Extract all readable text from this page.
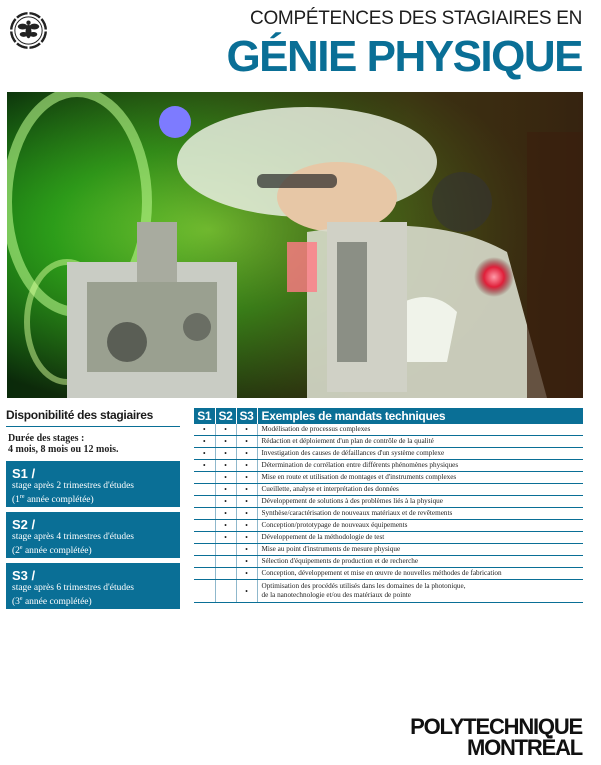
COMPÉTENCES DES STAGIAIRES EN
GÉNIE PHYSIQUE
Disponibilité des stagiaires
Durée des stages :
4 mois, 8 mois ou 12 mois.
S1 /
stage après 2 trimestres d'études
(1re année complétée)
S2 /
stage après 4 trimestres d'études
(2e année complétée)
S3 /
stage après 6 trimestres d'études
(3e année complétée)
S1	S2	S3	Exemples de mandats techniques
•	•	•	Modélisation de processus complexes

•	•	•	Rédaction et déploiement d'un plan de contrôle de la qualité

•	•	•	Investigation des causes de défaillances d'un système complexe

•	•	•	Détermination de corrélation entre différents phénomènes physiques

	•	•	Mise en route et utilisation de montages et d'instruments complexes

	•	•	Cueillette, analyse et interprétation des données

	•	•	Développement de solutions à des problèmes liés à la physique

	•	•	Synthèse/caractérisation de nouveaux matériaux et de revêtements

	•	•	Conception/prototypage de nouveaux équipements

	•	•	Développement de la méthodologie de test

		•	Mise au point d'instruments de mesure physique

		•	Sélection d'équipements de production et de recherche

		•	Conception, développement et mise en œuvre de nouvelles méthodes de fabrication

		•	Optimisation des procédés utilisés dans les domaines de la photonique,
de la nanotechnologie et/ou des matériaux de pointe
POLYTECHNIQUE
MONTRÉAL
